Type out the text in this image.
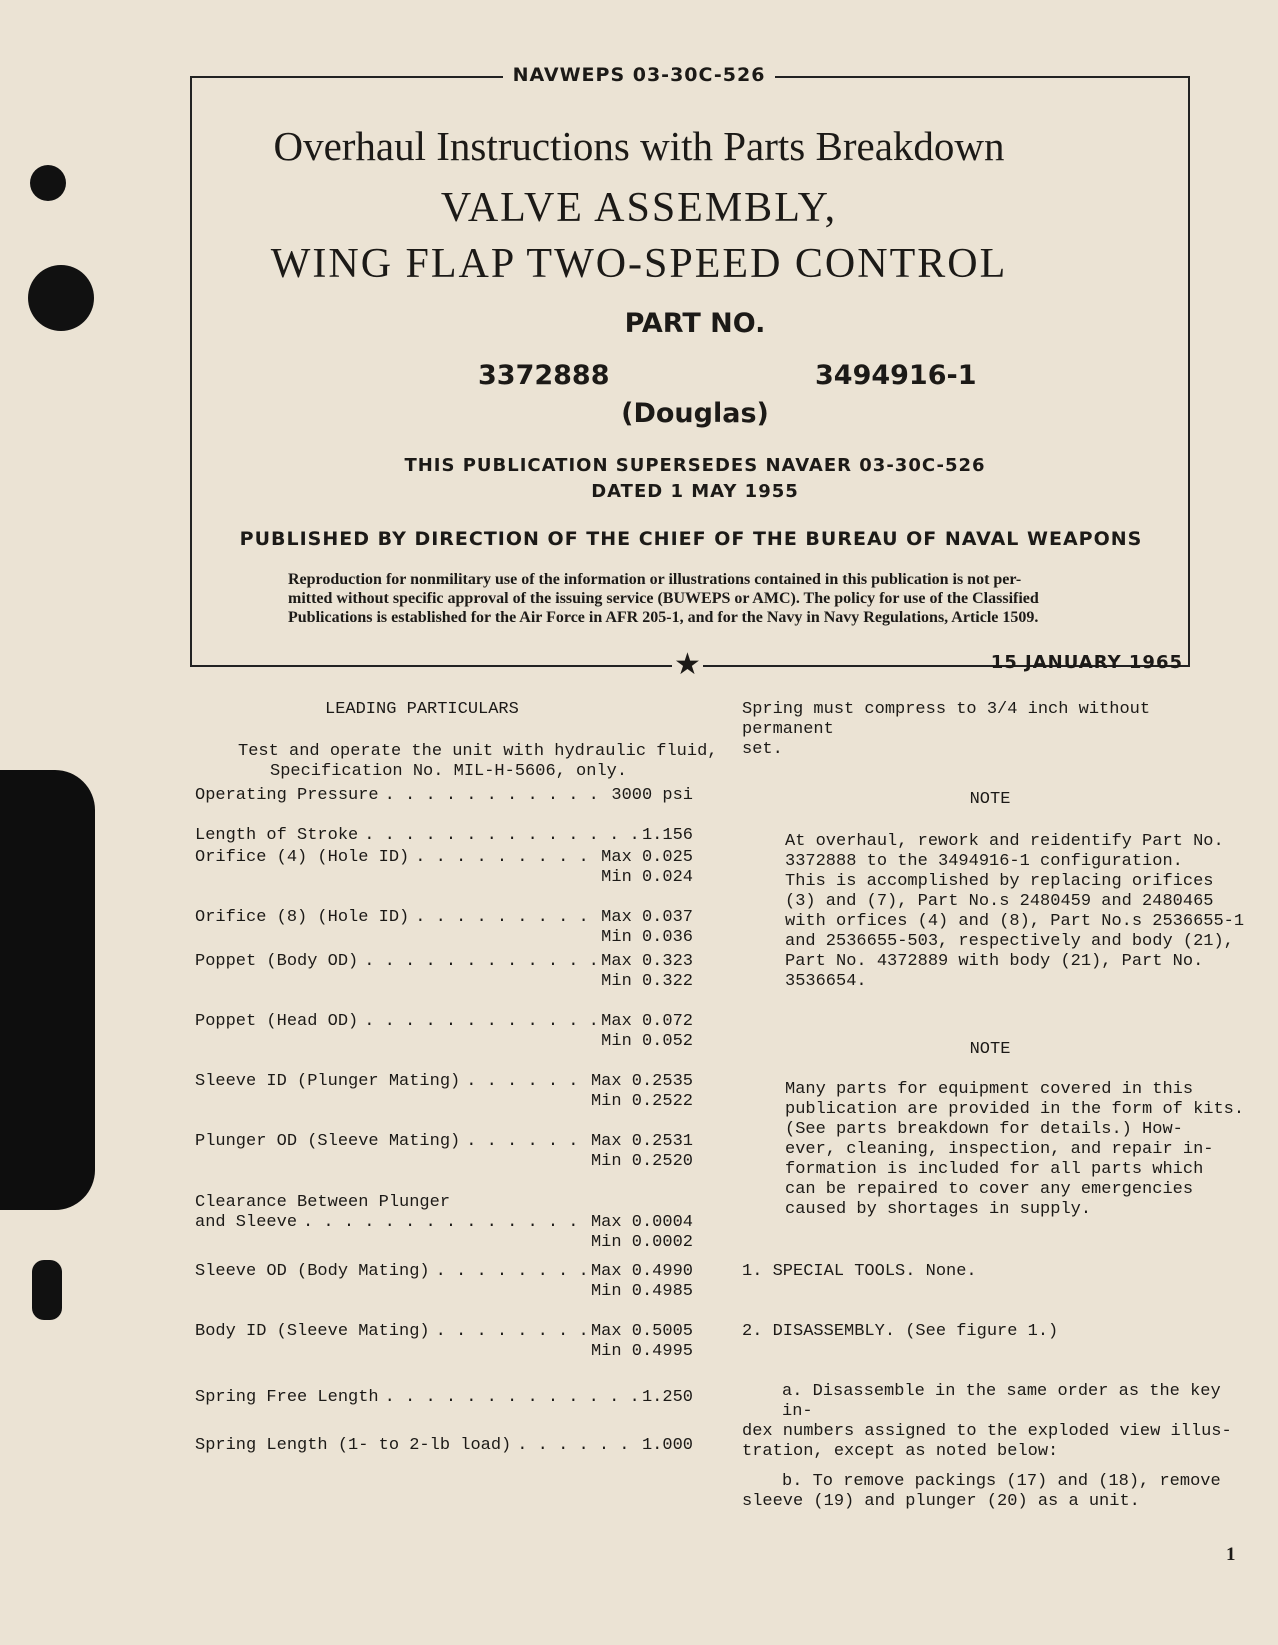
★
NAVWEPS 03-30C-526
Overhaul Instructions with Parts Breakdown
VALVE ASSEMBLY,
WING FLAP TWO-SPEED CONTROL
PART NO.
3372888	3494916-1
(Douglas)
THIS PUBLICATION SUPERSEDES NAVAER 03-30C-526
DATED 1 MAY 1955
PUBLISHED BY DIRECTION OF THE CHIEF OF THE BUREAU OF NAVAL WEAPONS
Reproduction for nonmilitary use of the information or illustrations contained in this publication is not per-
mitted without specific approval of the issuing service (BUWEPS or AMC). The policy for use of the Classified
Publications is established for the Air Force in AFR 205-1, and for the Navy in Navy Regulations, Article 1509.
15 JANUARY 1965
LEADING PARTICULARS
Test and operate the unit with hydraulic fluid,
Specification No. MIL-H-5606, only.
Operating Pressure . . .	3000 psi
Length of Stroke . . .	1.156
Orifice (4) (Hole ID) . . .	Max 0.025
Min 0.024
Orifice (8) (Hole ID) . . .	Max 0.037
Min 0.036
Poppet (Body OD) . . .	Max 0.323
Min 0.322
Poppet (Head OD) . . .	Max 0.072
Min 0.052
Sleeve ID (Plunger Mating) . . .	Max 0.2535
Min 0.2522
Plunger OD (Sleeve Mating) . . .	Max 0.2531
Min 0.2520
Clearance Between Plunger
and Sleeve . . .	Max 0.0004
Min 0.0002
Sleeve OD (Body Mating) . . .	Max 0.4990
Min 0.4985
Body ID (Sleeve Mating) . . .	Max 0.5005
Min 0.4995
Spring Free Length . . .	1.250
Spring Length (1- to 2-lb load) . . .	1.000
Spring must compress to 3/4 inch without permanent
set.
NOTE
At overhaul, rework and reidentify Part No.
3372888 to the 3494916-1 configuration.
This is accomplished by replacing orifices
(3) and (7), Part No.s 2480459 and 2480465
with orfices (4) and (8), Part No.s 2536655-1
and 2536655-503, respectively and body (21),
Part No. 4372889 with body (21), Part No.
3536654.
NOTE
Many parts for equipment covered in this
publication are provided in the form of kits.
(See parts breakdown for details.) How-
ever, cleaning, inspection, and repair in-
formation is included for all parts which
can be repaired to cover any emergencies
caused by shortages in supply.
1. SPECIAL TOOLS. None.
2. DISASSEMBLY. (See figure 1.)
a. Disassemble in the same order as the key in-
dex numbers assigned to the exploded view illus-
tration, except as noted below:
b. To remove packings (17) and (18), remove
sleeve (19) and plunger (20) as a unit.
1
